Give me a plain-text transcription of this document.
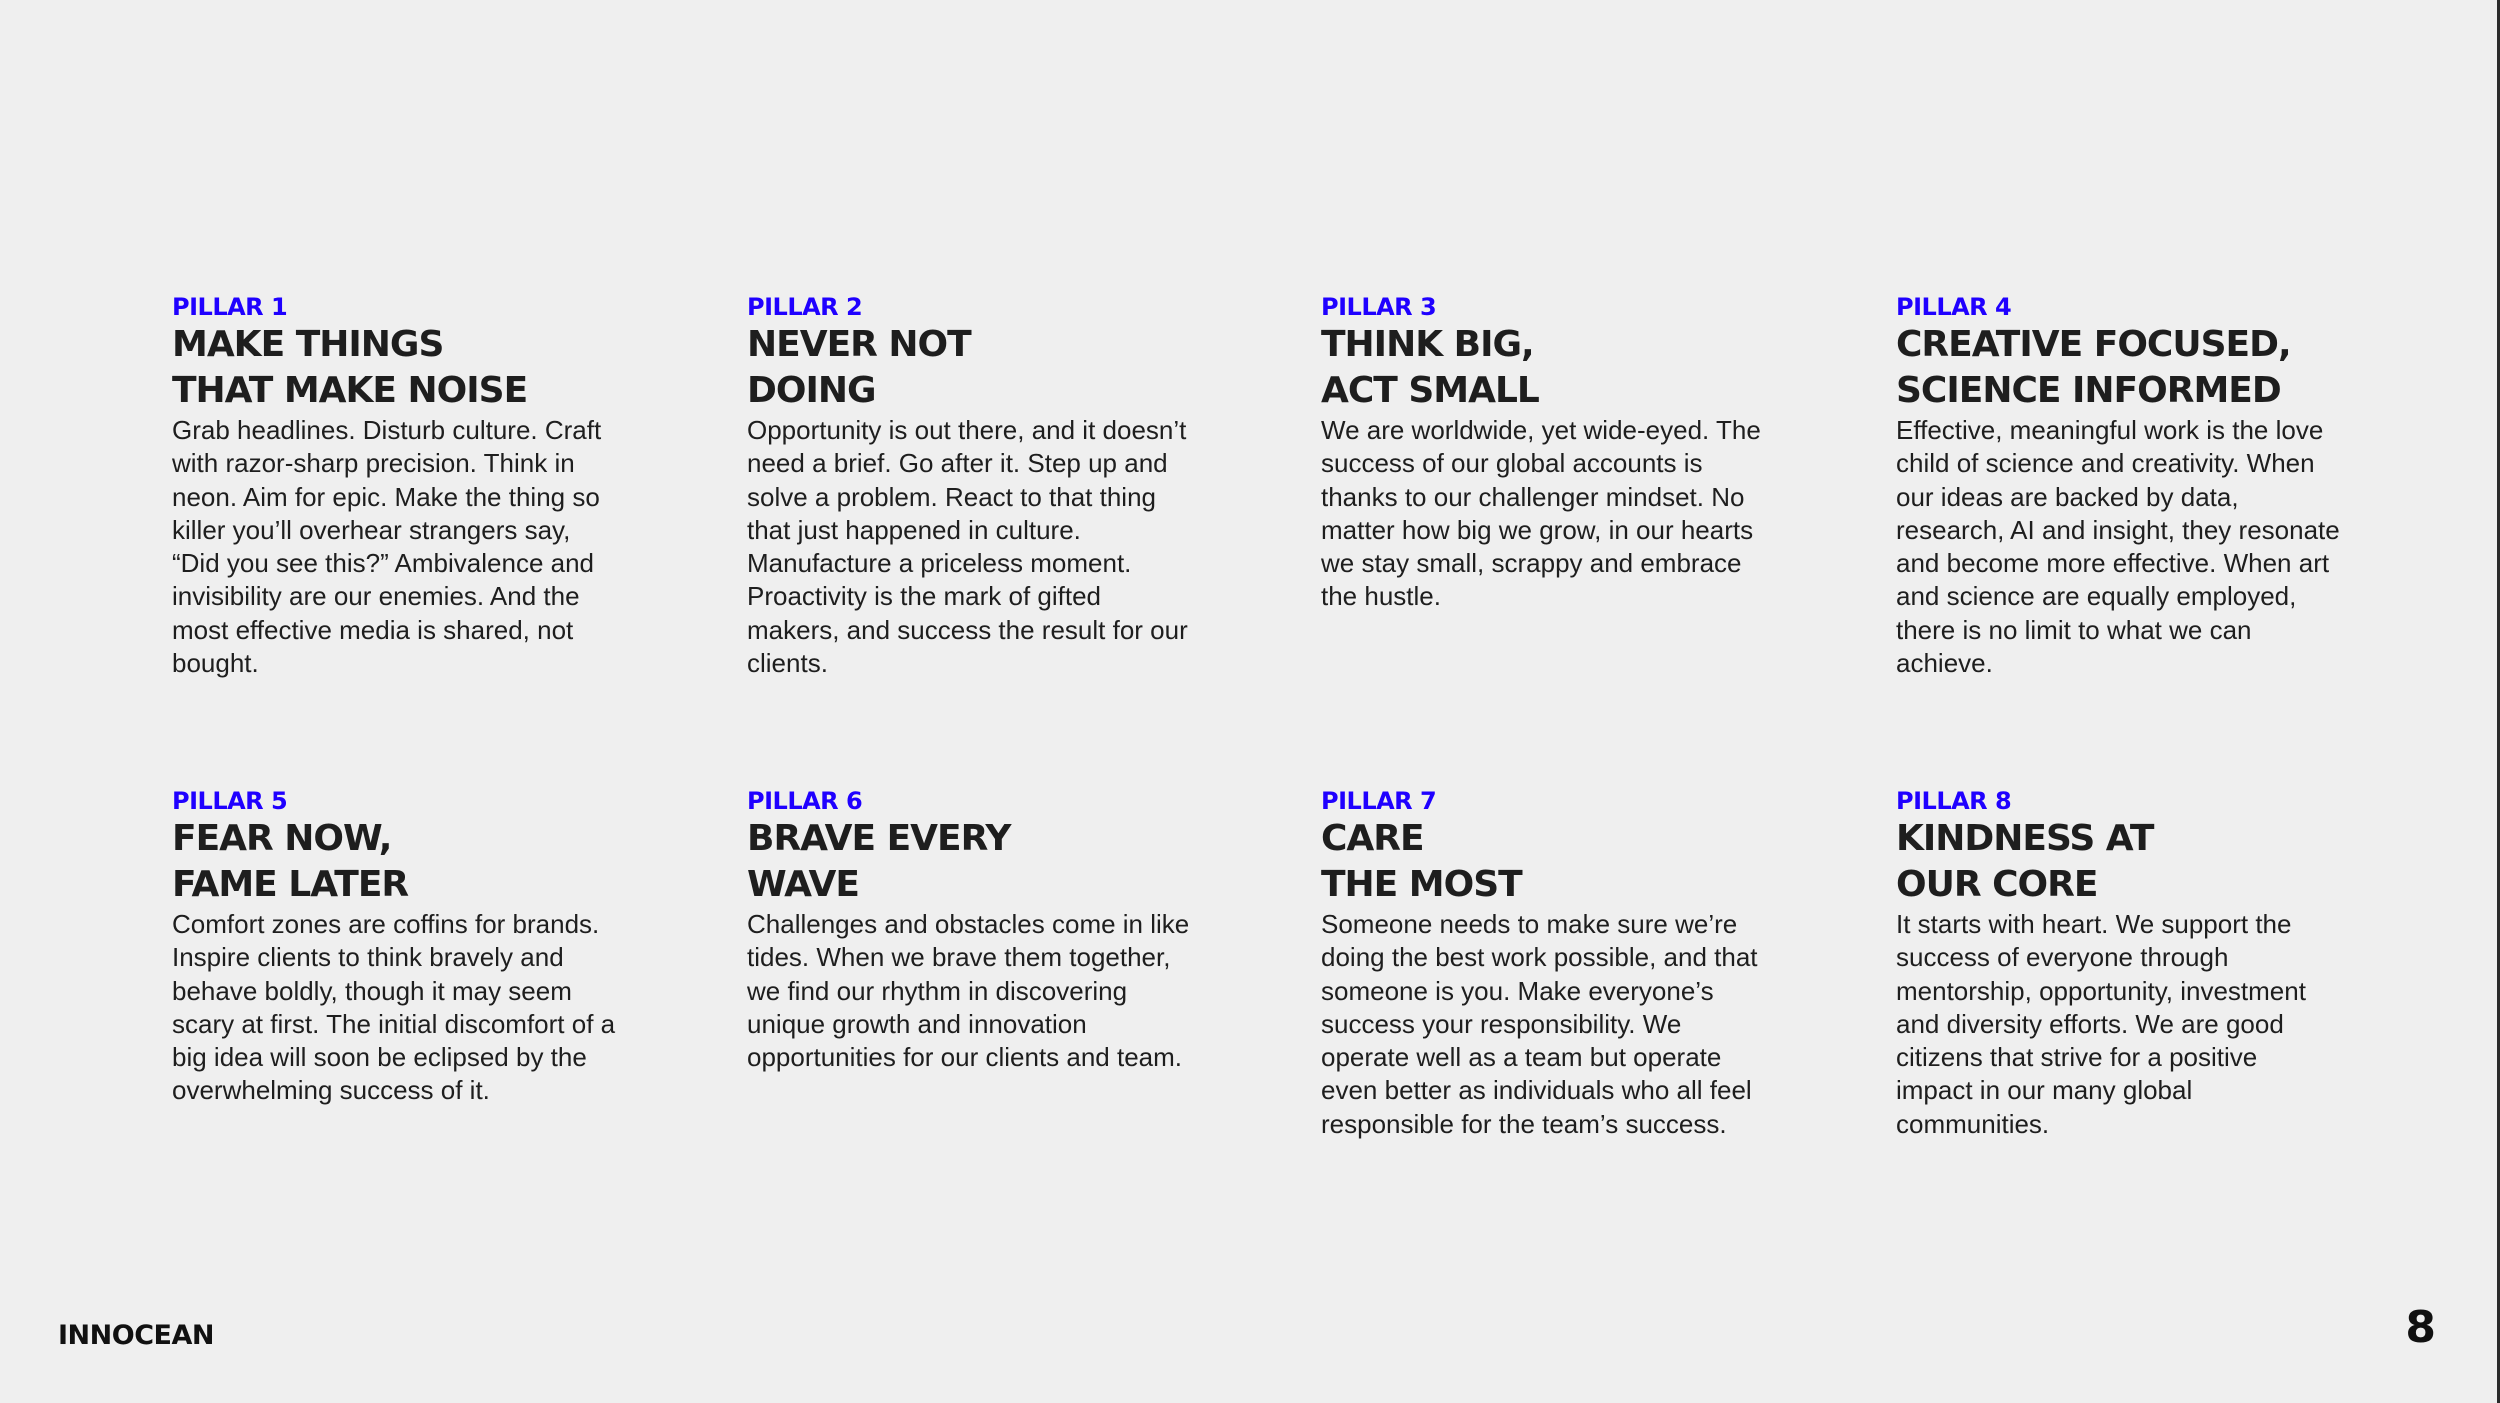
PILLAR 1

MAKE THINGS
THAT MAKE NOISE

Grab headlines. Disturb culture. Craft with razor-sharp precision. Think in neon. Aim for epic. Make the thing so killer you’ll overhear strangers say, “Did you see this?” Ambivalence and invisibility are our enemies. And the most effective media is shared, not bought.

PILLAR 2

NEVER NOT
DOING

Opportunity is out there, and it doesn’t need a brief. Go after it. Step up and solve a problem. React to that thing that just happened in culture. Manufacture a priceless moment. Proactivity is the mark of gifted makers, and success the result for our clients.

PILLAR 3

THINK BIG,
ACT SMALL

We are worldwide, yet wide-eyed. The success of our global accounts is thanks to our challenger mindset. No matter how big we grow, in our hearts we stay small, scrappy and embrace the hustle.

PILLAR 4

CREATIVE FOCUSED,
SCIENCE INFORMED

Effective, meaningful work is the love child of science and creativity. When our ideas are backed by data, research, AI and insight, they resonate and become more effective. When art and science are equally employed, there is no limit to what we can achieve.

PILLAR 5

FEAR NOW,
FAME LATER

Comfort zones are coffins for brands. Inspire clients to think bravely and behave boldly, though it may seem scary at first. The initial discomfort of a big idea will soon be eclipsed by the overwhelming success of it.

PILLAR 6

BRAVE EVERY
WAVE

Challenges and obstacles come in like tides. When we brave them together, we find our rhythm in discovering unique growth and innovation opportunities for our clients and team.

PILLAR 7

CARE
THE MOST

Someone needs to make sure we’re doing the best work possible, and that someone is you. Make everyone’s success your responsibility. We operate well as a team but operate even better as individuals who all feel responsible for the team’s success.

PILLAR 8

KINDNESS AT
OUR CORE

It starts with heart. We support the success of everyone through mentorship, opportunity, investment and diversity efforts. We are good citizens that strive for a positive impact in our many global communities.

INNOCEAN	8
